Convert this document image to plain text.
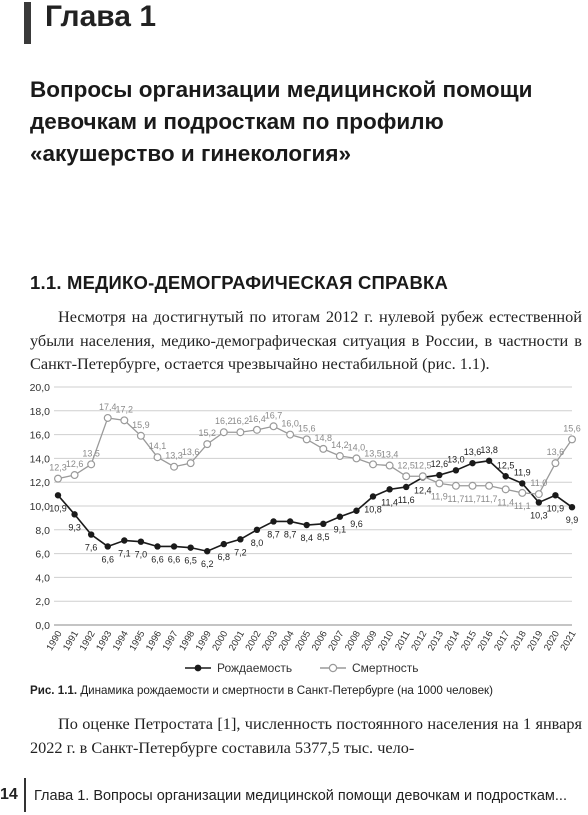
Глава 1
Вопросы организации медицинской помощи девочкам и подросткам по профилю «акушерство и гинекология»
1.1. МЕДИКО-ДЕМОГРАФИЧЕСКАЯ СПРАВКА
Несмотря на достигнутый по итогам 2012 г. нулевой рубеж естественной убыли населения, медико-демографическая ситуация в России, в частности в Санкт-Петербурге, остается чрезвычайно нестабильной (рис. 1.1).
0,0
2,0
4,0
6,0
8,0
10,0
12,0
14,0
16,0
18,0
20,0
1990
1991
1992
1993
1994
1995
1996
1997
1998
1999
2000
2001
2002
2003
2004
2005
2006
2007
2008
2009
2010
2011
2012
2013
2014
2015
2016
2017
2018
2019
2020
2021
10,9
9,3
7,6
6,6
7,1 7,0 6,6 6,6 6,5 6,2
6,8 7,2
8,0
8,7 8,7 8,4 8,5
9,1
9,6
10,8
11,4 11,6
12,4
12,6 13,0
13,6 13,8
12,5
11,9
10,3
10,9
9,9
12,3 12,6
13,5
17,4 17,2
15,9
14,1
13,3 13,6
15,2
16,2 16,2 16,4 16,7
16,0 15,6
14,8
14,2 14,0
13,5 13,4
12,5 12,5
11,9 11,7 11,7 11,7 11,4 11,1
11,0
13,6
15,6
Рождаемость	Смертность
Рис. 1.1. Динамика рождаемости и смертности в Санкт-Петербурге (на 1000 человек)
По оценке Петростата [1], численность постоянного населения на 1 января 2022 г. в Санкт-Петербурге составила 5377,5 тыс. чело-
14 Глава 1. Вопросы организации медицинской помощи девочкам и подросткам...
